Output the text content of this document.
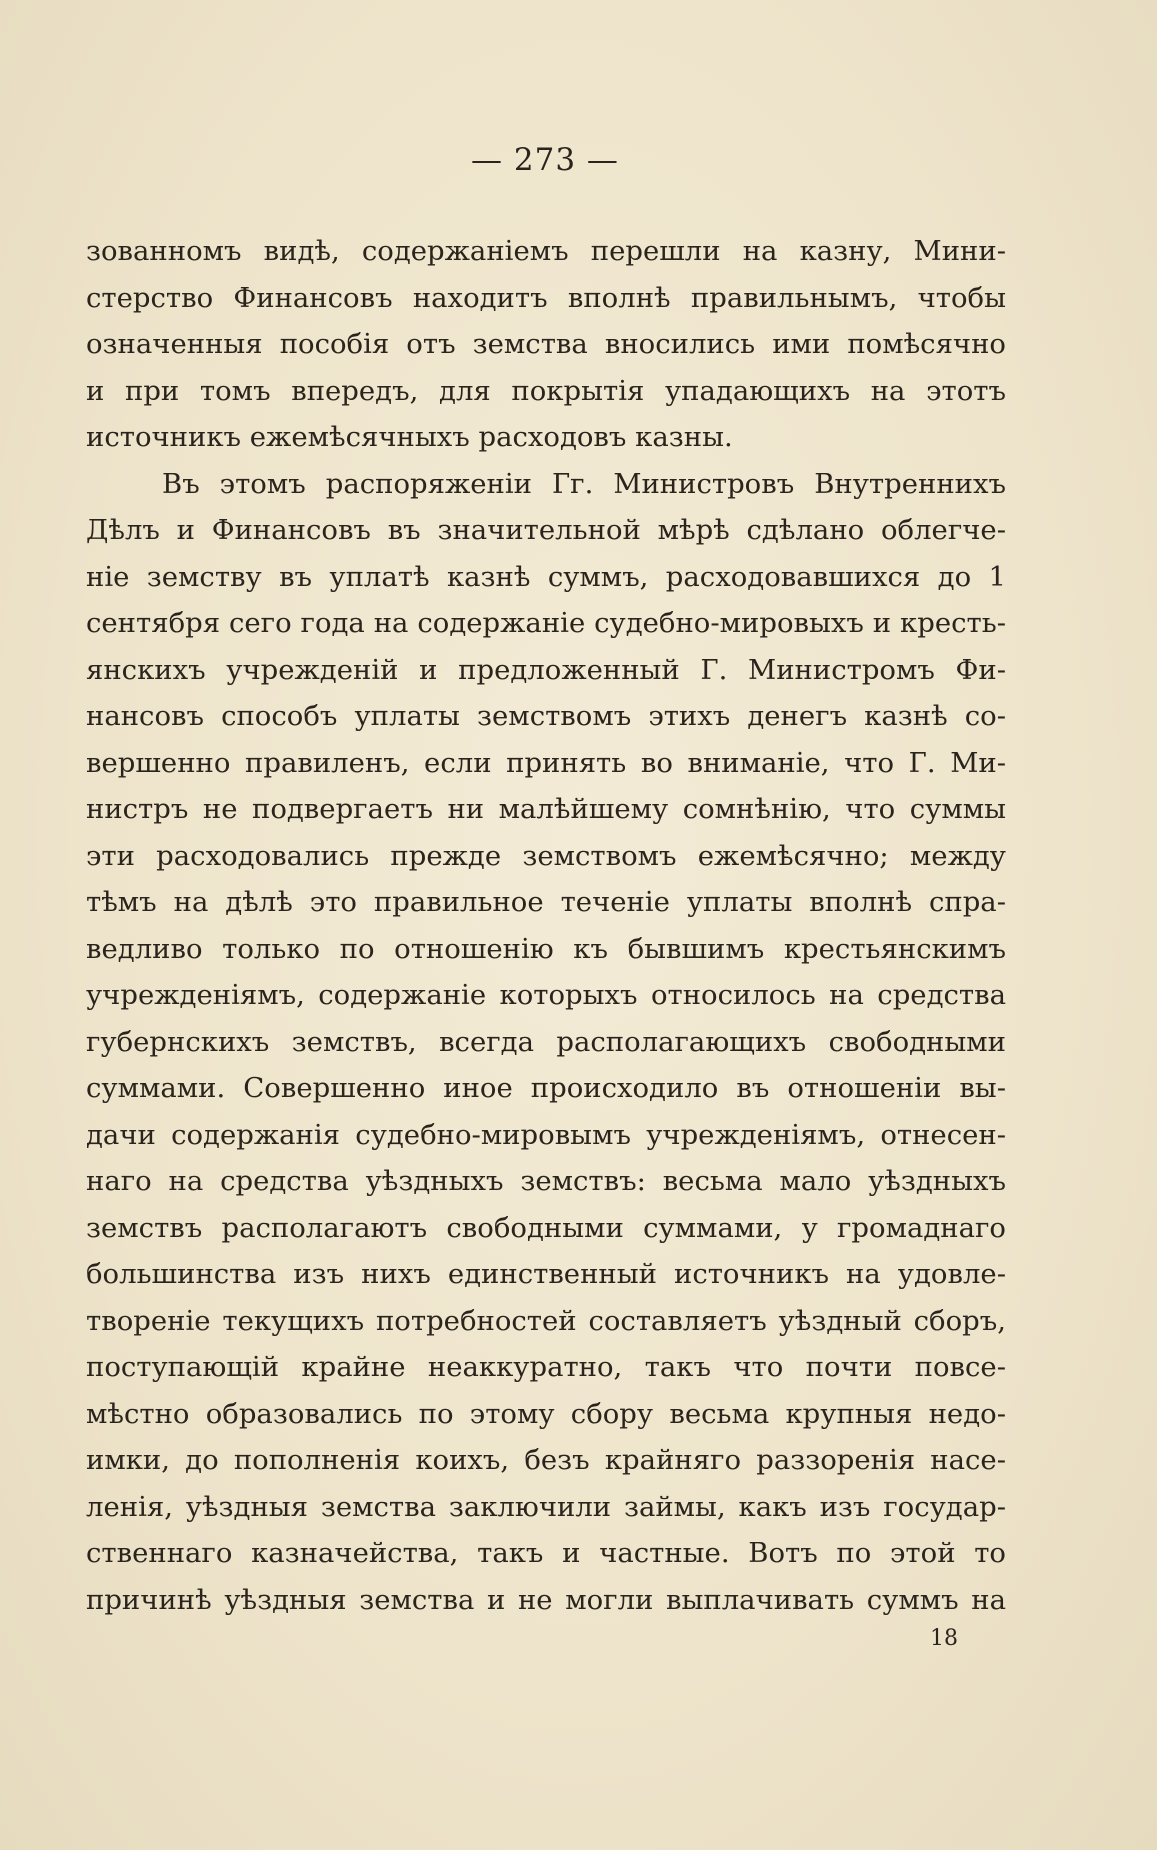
— 273 —
зованномъ видѣ, содержаніемъ перешли на казну, Мини-
стерство Финансовъ находитъ вполнѣ правильнымъ, чтобы
означенныя пособія отъ земства вносились ими помѣсячно
и при томъ впередъ, для покрытія упадающихъ на этотъ
источникъ ежемѣсячныхъ расходовъ казны.
Въ этомъ распоряженіи Гг. Министровъ Внутреннихъ
Дѣлъ и Финансовъ въ значительной мѣрѣ сдѣлано облегче-
ніе земству въ уплатѣ казнѣ суммъ, расходовавшихся до 1
сентября сего года на содержаніе судебно-мировыхъ и кресть-
янскихъ учрежденій и предложенный Г. Министромъ Фи-
нансовъ способъ уплаты земствомъ этихъ денегъ казнѣ со-
вершенно правиленъ, если принять во вниманіе, что Г. Ми-
нистръ не подвергаетъ ни малѣйшему сомнѣнію, что суммы
эти расходовались прежде земствомъ ежемѣсячно; между
тѣмъ на дѣлѣ это правильное теченіе уплаты вполнѣ спра-
ведливо только по отношенію къ бывшимъ крестьянскимъ
учрежденіямъ, содержаніе которыхъ относилось на средства
губернскихъ земствъ, всегда располагающихъ свободными
суммами. Совершенно иное происходило въ отношеніи вы-
дачи содержанія судебно-мировымъ учрежденіямъ, отнесен-
наго на средства уѣздныхъ земствъ: весьма мало уѣздныхъ
земствъ располагаютъ свободными суммами, у громаднаго
большинства изъ нихъ единственный источникъ на удовле-
твореніе текущихъ потребностей составляетъ уѣздный сборъ,
поступающій крайне неаккуратно, такъ что почти повсе-
мѣстно образовались по этому сбору весьма крупныя недо-
имки, до пополненія коихъ, безъ крайняго раззоренія насе-
ленія, уѣздныя земства заключили займы, какъ изъ государ-
ственнаго казначейства, такъ и частные. Вотъ по этой то
причинѣ уѣздныя земства и не могли выплачивать суммъ на
18
